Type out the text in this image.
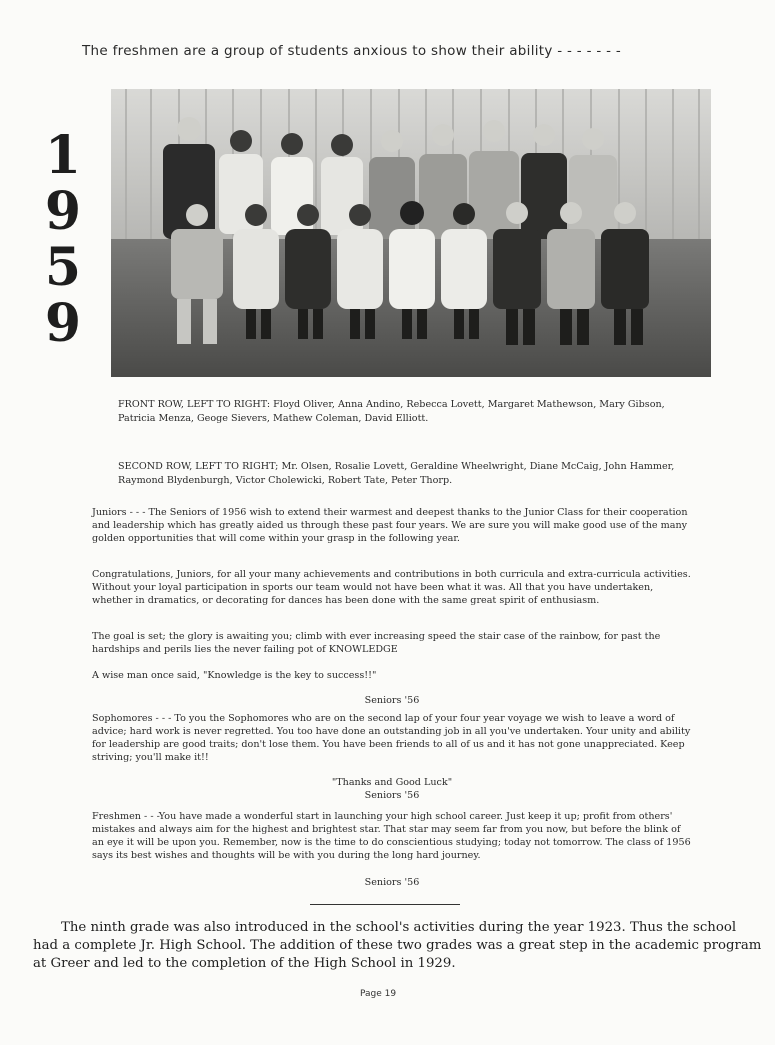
The freshmen are a group of students anxious to show their ability - - - - - - -
1
9
5
9
FRONT ROW, LEFT TO RIGHT: Floyd Oliver, Anna Andino, Rebecca Lovett, Margaret Mathewson, Mary Gibson, Patricia Menza, Geoge Sievers, Mathew Coleman, David Elliott.
SECOND ROW, LEFT TO RIGHT; Mr. Olsen, Rosalie Lovett, Geraldine Wheelwright, Diane McCaig, John Hammer, Raymond Blydenburgh, Victor Cholewicki, Robert Tate, Peter Thorp.
Juniors - - - The Seniors of 1956 wish to extend their warmest and deepest thanks to the Junior Class for their cooperation and leadership which has greatly aided us through these past four years. We are sure you will make good use of the many golden opportunities that will come within your grasp in the following year.
Congratulations, Juniors, for all your many achievements and contributions in both curricula and extra-curricula activities. Without your loyal participation in sports our team would not have been what it was. All that you have undertaken, whether in dramatics, or decorating for dances has been done with the same great spirit of enthusiasm.
The goal is set; the glory is awaiting you; climb with ever increasing speed the stair case of the rainbow, for past the hardships and perils lies the never failing pot of KNOWLEDGE
A wise man once said, "Knowledge is the key to success!!"
Seniors '56
Sophomores - - - To you the Sophomores who are on the second lap of your four year voyage we wish to leave a word of advice; hard work is never regretted. You too have done an outstanding job in all you've undertaken. Your unity and ability for leadership are good traits; don't lose them. You have been friends to all of us and it has not gone unappreciated. Keep striving; you'll make it!!
"Thanks and Good Luck"
Seniors '56
Freshmen - - -You have made a wonderful start in launching your high school career. Just keep it up; profit from others' mistakes and always aim for the highest and brightest star. That star may seem far from you now, but before the blink of an eye it will be upon you. Remember, now is the time to do conscientious studying; today not tomorrow. The class of 1956 says its best wishes and thoughts will be with you during the long hard journey.
Seniors '56
The ninth grade was also introduced in the school's activities during the year 1923. Thus the school had a complete Jr. High School. The addition of these two grades was a great step in the academic program at Greer and led to the completion of the High School in 1929.
Page 19
